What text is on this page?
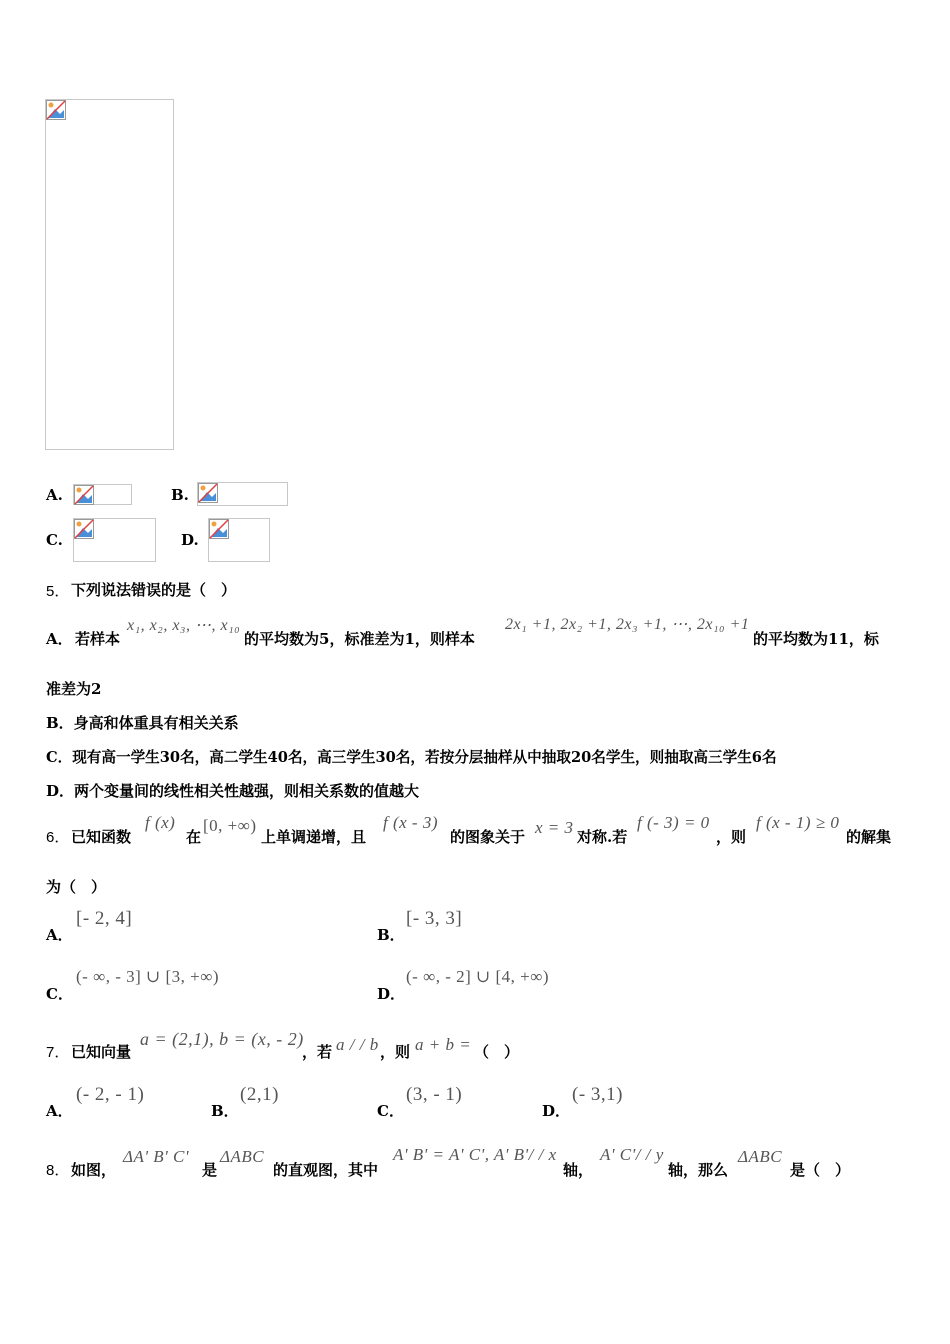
A.	B.
C.	D.
5． 下列说法错误的是（　）
A． 若样本
x₁, x₂, x₃, ⋯, x₁₀
的平均数为5，标准差为1，则样本
2x₁ +1, 2x₂ +1, 2x₃ +1, ⋯, 2x₁₀ +1
的平均数为11，标
准差为2
B．身高和体重具有相关关系
C．现有高一学生30名，高二学生40名，高三学生30名，若按分层抽样从中抽取20名学生，则抽取高三学生6名
D．两个变量间的线性相关性越强，则相关系数的值越大
6． 已知函数
f (x)
在
[0, +∞)
上单调递增，且
f (x - 3)
的图象关于 x = 3 对称.若
f (- 3) = 0
，则
f (x - 1) ≥ 0
的解集
为（　）
A．
[- 2, 4]
B．
[- 3, 3]
C．
(- ∞, - 3] ∪ [3, +∞)
D．
(- ∞, - 2] ∪ [4, +∞)
7． 已知向量
a = (2,1), b = (x, - 2)
，若 a / / b ，则 a + b = （　）
A．
(- 2, - 1)
B．
(2,1)
C．
(3, - 1)
D．
(- 3,1)
8． 如图，
ΔA' B' C'
是
ΔABC
的直观图，其中
A' B' = A' C', A' B'/ / x
轴，
A' C'/ / y
轴，那么
ΔABC
是（　）
